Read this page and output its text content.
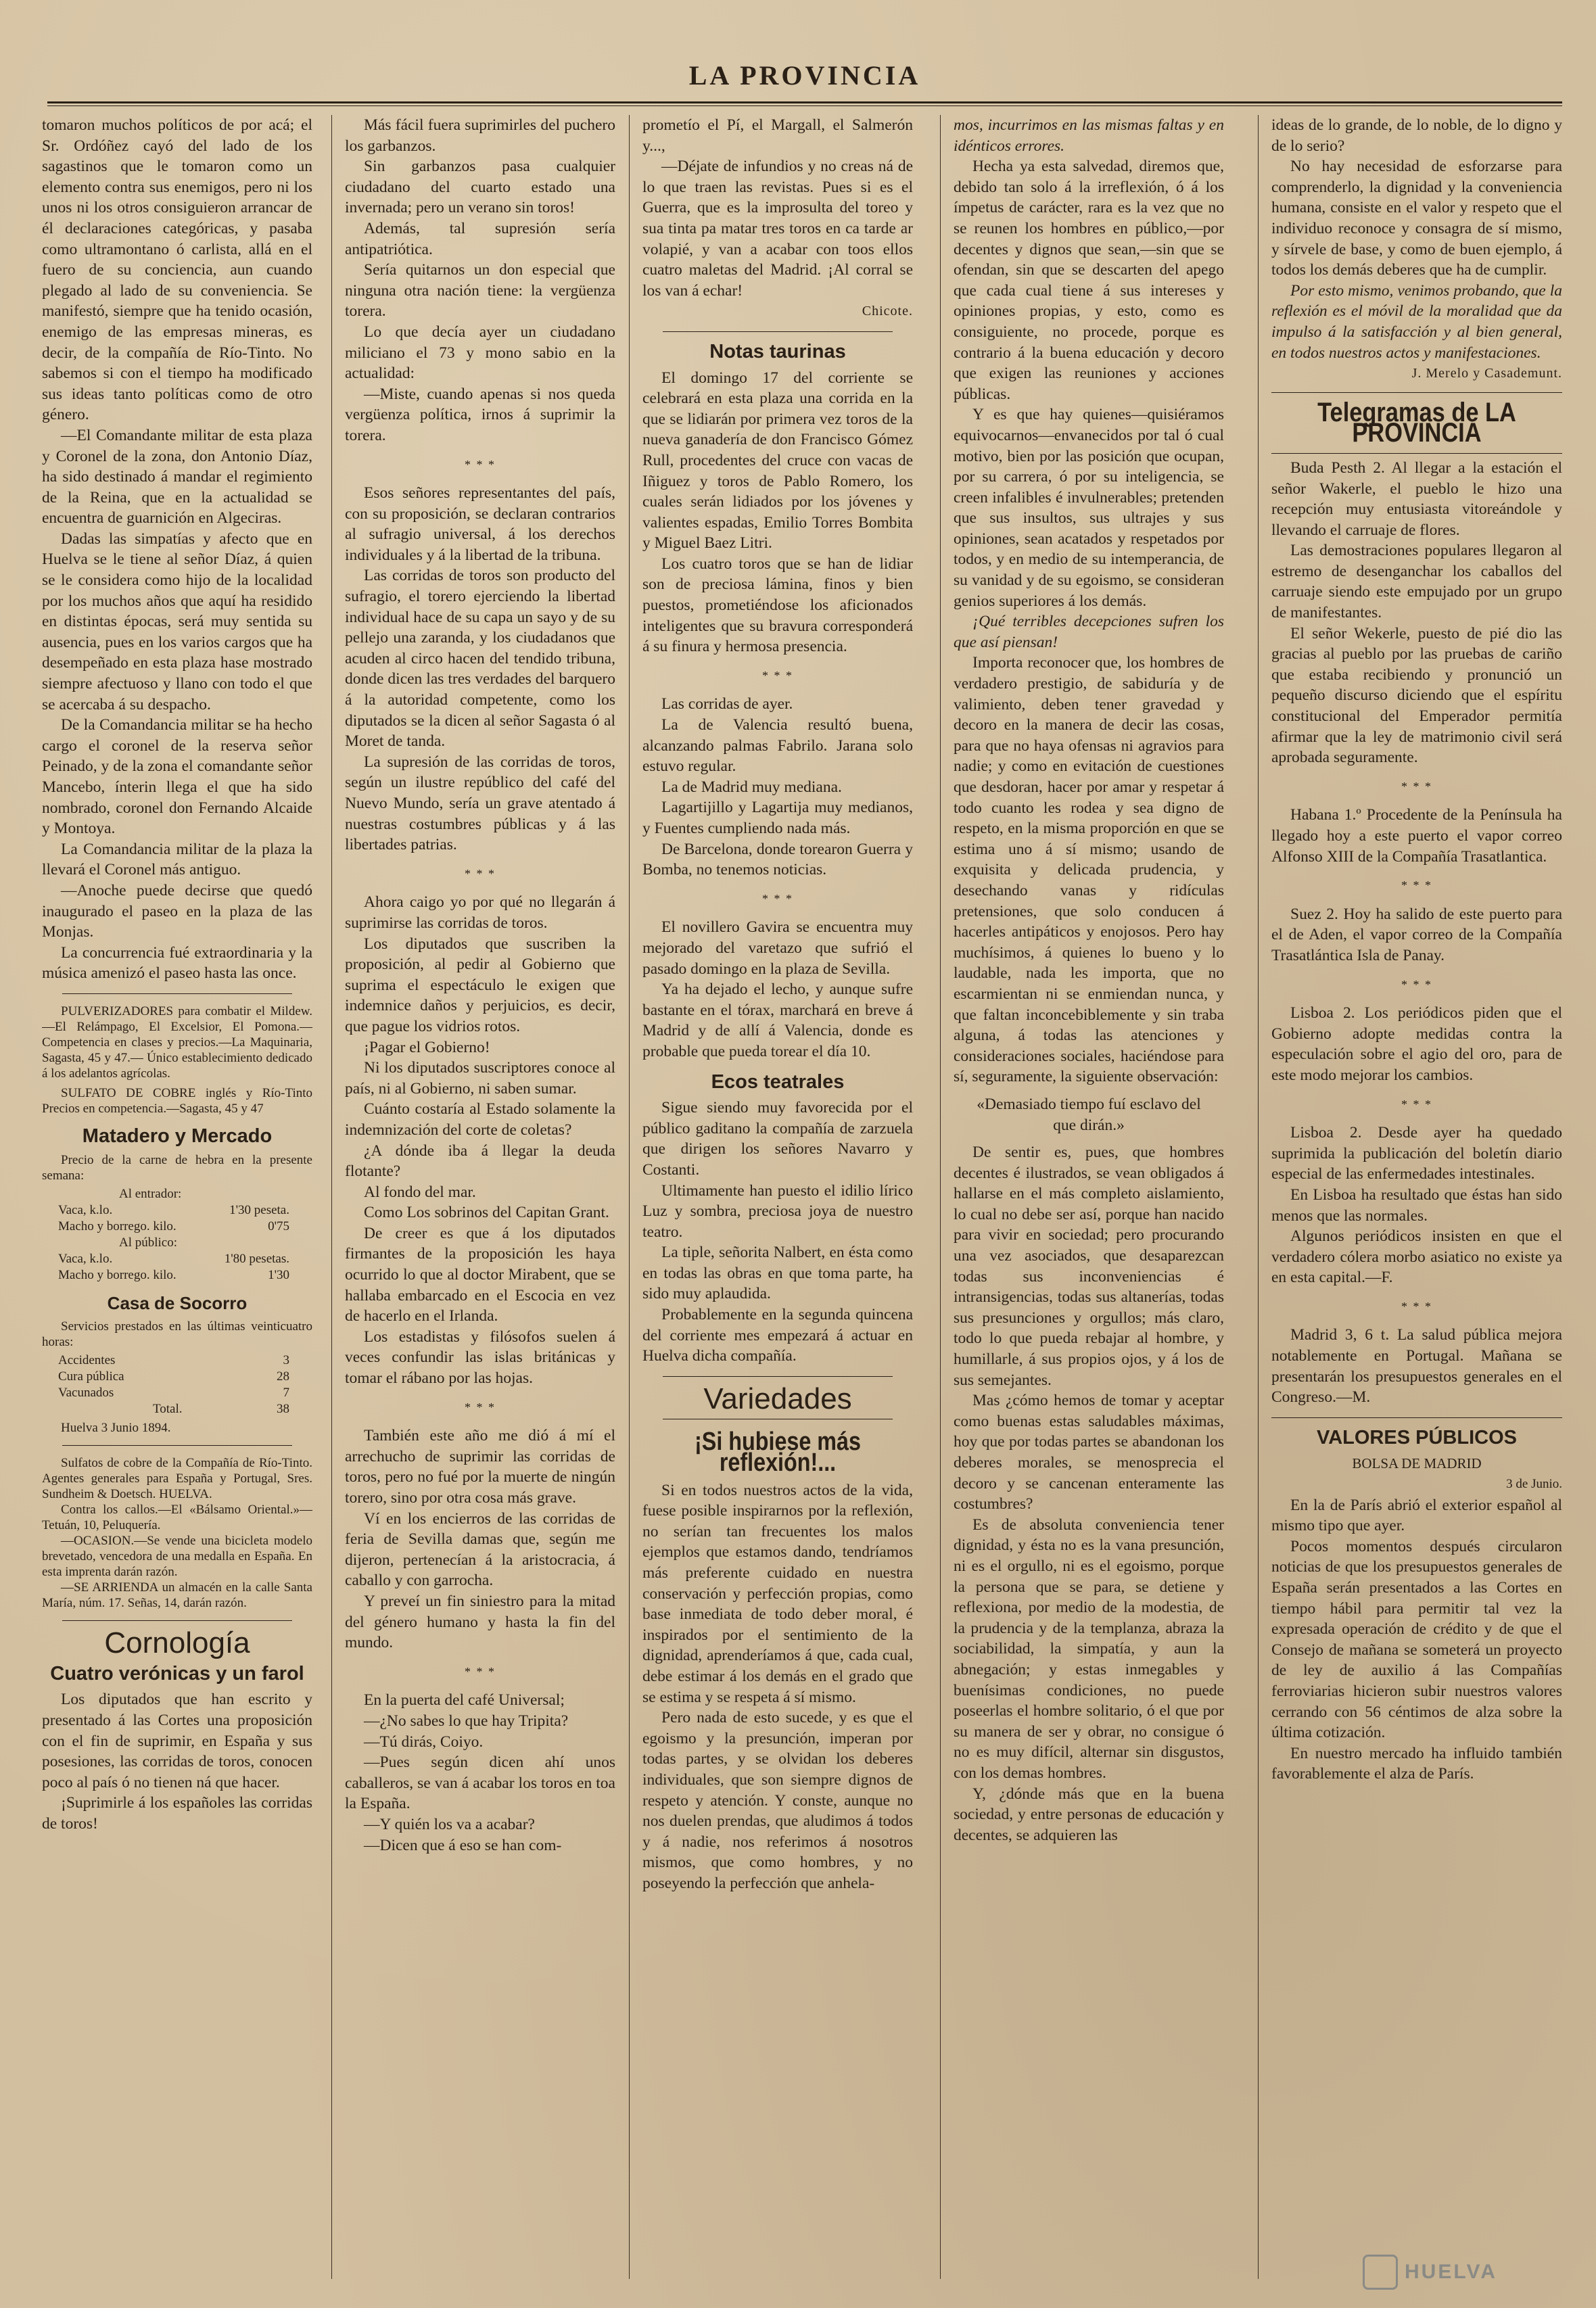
LA PROVINCIA

tomaron muchos políticos de por acá; el Sr. Ordóñez cayó del lado de los sagastinos que le tomaron como un elemento contra sus enemigos, pero ni los unos ni los otros consiguieron arrancar de él declaraciones categóricas, y pasaba como ultramontano ó carlista, allá en el fuero de su conciencia, aun cuando plegado al lado de su conveniencia. Se manifestó, siempre que ha tenido ocasión, enemigo de las empresas mineras, es decir, de la compañía de Río-Tinto. No sabemos si con el tiempo ha modificado sus ideas tanto políticas como de otro género.

—El Comandante militar de esta plaza y Coronel de la zona, don Antonio Díaz, ha sido destinado á mandar el regimiento de la Reina, que en la actualidad se encuentra de guarnición en Algeciras.

Dadas las simpatías y afecto que en Huelva se le tiene al señor Díaz, á quien se le considera como hijo de la localidad por los muchos años que aquí ha residido en distintas épocas, será muy sentida su ausencia, pues en los varios cargos que ha desempeñado en esta plaza hase mostrado siempre afectuoso y llano con todo el que se acercaba á su despacho.

De la Comandancia militar se ha hecho cargo el coronel de la reserva señor Peinado, y de la zona el comandante señor Mancebo, ínterin llega el que ha sido nombrado, coronel don Fernando Alcaide y Montoya.

La Comandancia militar de la plaza la llevará el Coronel más antiguo.

—Anoche puede decirse que quedó inaugurado el paseo en la plaza de las Monjas.

La concurrencia fué extraordinaria y la música amenizó el paseo hasta las once.

PULVERIZADORES para combatir el Mildew.—El Relámpago, El Excelsior, El Pomona.—Competencia en clases y precios.—La Maquinaria, Sagasta, 45 y 47.— Único establecimiento dedicado á los adelantos agrícolas.

SULFATO DE COBRE inglés y Río-Tinto Precios en competencia.—Sagasta, 45 y 47

Matadero y Mercado

Precio de la carne de hebra en la presente semana:

Al entrador:
Vaca, k.lo.	1'30 peseta.
Macho y borrego. kilo.	0'75
Al público:
Vaca, k.lo.	1'80 pesetas.
Macho y borrego. kilo.	1'30
Casa de Socorro

Servicios prestados en las últimas veinticuatro horas:

Accidentes	3
Cura pública	28
Vacunados	7
Total.	38

Huelva 3 Junio 1894.

Sulfatos de cobre de la Compañía de Río-Tinto. Agentes generales para España y Portugal, Sres. Sundheim & Doetsch. HUELVA.

Contra los callos.—El «Bálsamo Oriental.»—Tetuán, 10, Peluquería.

—OCASION.—Se vende una bicicleta modelo brevetado, vencedora de una medalla en España. En esta imprenta darán razón.

—SE ARRIENDA un almacén en la calle Santa María, núm. 17. Señas, 14, darán razón.

Cornología
Cuatro verónicas y un farol

Los diputados que han escrito y presentado á las Cortes una proposición con el fin de suprimir, en España y sus posesiones, las corridas de toros, conocen poco al país ó no tienen ná que hacer.

¡Suprimirle á los españoles las corridas de toros!

Más fácil fuera suprimirles del puchero los garbanzos.

Sin garbanzos pasa cualquier ciudadano del cuarto estado una invernada; pero un verano sin toros!

Además, tal supresión sería antipatriótica.

Sería quitarnos un don especial que ninguna otra nación tiene: la vergüenza torera.

Lo que decía ayer un ciudadano miliciano el 73 y mono sabio en la actualidad:

—Miste, cuando apenas si nos queda vergüenza política, irnos á suprimir la torera.

* * *

Esos señores representantes del país, con su proposición, se declaran contrarios al sufragio universal, á los derechos individuales y á la libertad de la tribuna.

Las corridas de toros son producto del sufragio, el torero ejerciendo la libertad individual hace de su capa un sayo y de su pellejo una zaranda, y los ciudadanos que acuden al circo hacen del tendido tribuna, donde dicen las tres verdades del barquero á la autoridad competente, como los diputados se la dicen al señor Sagasta ó al Moret de tanda.

La supresión de las corridas de toros, según un ilustre repúblico del café del Nuevo Mundo, sería un grave atentado á nuestras costumbres públicas y á las libertades patrias.

* * *

Ahora caigo yo por qué no llegarán á suprimirse las corridas de toros.

Los diputados que suscriben la proposición, al pedir al Gobierno que suprima el espectáculo le exigen que indemnice daños y perjuicios, es decir, que pague los vidrios rotos.

¡Pagar el Gobierno!

Ni los diputados suscriptores conoce al país, ni al Gobierno, ni saben sumar.

Cuánto costaría al Estado solamente la indemnización del corte de coletas?

¿A dónde iba á llegar la deuda flotante?

Al fondo del mar.

Como Los sobrinos del Capitan Grant.

De creer es que á los diputados firmantes de la proposición les haya ocurrido lo que al doctor Mirabent, que se hallaba embarcado en el Escocia en vez de hacerlo en el Irlanda.

Los estadistas y filósofos suelen á veces confundir las islas británicas y tomar el rábano por las hojas.

* * *

También este año me dió á mí el arrechucho de suprimir las corridas de toros, pero no fué por la muerte de ningún torero, sino por otra cosa más grave.

Ví en los encierros de las corridas de feria de Sevilla damas que, según me dijeron, pertenecían á la aristocracia, á caballo y con garrocha.

Y preveí un fin siniestro para la mitad del género humano y hasta la fin del mundo.

* * *

En la puerta del café Universal;

—¿No sabes lo que hay Tripita?

—Tú dirás, Coiyo.

—Pues según dicen ahí unos caballeros, se van á acabar los toros en toa la España.

—Y quién los va a acabar?

—Dicen que á eso se han com-

prometío el Pí, el Margall, el Salmerón y...,

—Déjate de infundios y no creas ná de lo que traen las revistas. Pues si es el Guerra, que es la improsulta del toreo y sua tinta pa matar tres toros en ca tarde ar volapié, y van a acabar con toos ellos cuatro maletas del Madrid. ¡Al corral se los van á echar!

Chicote.

Notas taurinas

El domingo 17 del corriente se celebrará en esta plaza una corrida en la que se lidiarán por primera vez toros de la nueva ganadería de don Francisco Gómez Rull, procedentes del cruce con vacas de Iñiguez y toros de Pablo Romero, los cuales serán lidiados por los jóvenes y valientes espadas, Emilio Torres Bombita y Miguel Baez Litri.

Los cuatro toros que se han de lidiar son de preciosa lámina, finos y bien puestos, prometiéndose los aficionados inteligentes que su bravura corresponderá á su finura y hermosa presencia.

* * *

Las corridas de ayer.

La de Valencia resultó buena, alcanzando palmas Fabrilo. Jarana solo estuvo regular.

La de Madrid muy mediana.

Lagartijillo y Lagartija muy medianos, y Fuentes cumpliendo nada más.

De Barcelona, donde torearon Guerra y Bomba, no tenemos noticias.

* * *

El novillero Gavira se encuentra muy mejorado del varetazo que sufrió el pasado domingo en la plaza de Sevilla.

Ya ha dejado el lecho, y aunque sufre bastante en el tórax, marchará en breve á Madrid y de allí á Valencia, donde es probable que pueda torear el día 10.

Ecos teatrales

Sigue siendo muy favorecida por el público gaditano la compañía de zarzuela que dirigen los señores Navarro y Costanti.

Ultimamente han puesto el idilio lírico Luz y sombra, preciosa joya de nuestro teatro.

La tiple, señorita Nalbert, en ésta como en todas las obras en que toma parte, ha sido muy aplaudida.

Probablemente en la segunda quincena del corriente mes empezará á actuar en Huelva dicha compañía.

Variedades
¡Si hubiese más reflexión!...

Si en todos nuestros actos de la vida, fuese posible inspirarnos por la reflexión, no serían tan frecuentes los malos ejemplos que estamos dando, tendríamos más preferente cuidado en nuestra conservación y perfección propias, como base inmediata de todo deber moral, é inspirados por el sentimiento de la dignidad, aprenderíamos á que, cada cual, debe estimar á los demás en el grado que se estima y se respeta á sí mismo.

Pero nada de esto sucede, y es que el egoismo y la presunción, imperan por todas partes, y se olvidan los deberes individuales, que son siempre dignos de respeto y atención. Y conste, aunque no nos duelen prendas, que aludimos á todos y á nadie, nos referimos á nosotros mismos, que como hombres, y no poseyendo la perfección que anhela-

mos, incurrimos en las mismas faltas y en idénticos errores.

Hecha ya esta salvedad, diremos que, debido tan solo á la irreflexión, ó á los ímpetus de carácter, rara es la vez que no se reunen los hombres en público,—por decentes y dignos que sean,—sin que se ofendan, sin que se descarten del apego que cada cual tiene á sus intereses y opiniones propias, y esto, como es consiguiente, no procede, porque es contrario á la buena educación y decoro que exigen las reuniones y acciones públicas.

Y es que hay quienes—quisiéramos equivocarnos—envanecidos por tal ó cual motivo, bien por las posición que ocupan, por su carrera, ó por su inteligencia, se creen infalibles é invulnerables; pretenden que sus insultos, sus ultrajes y sus opiniones, sean acatados y respetados por todos, y en medio de su intemperancia, de su vanidad y de su egoismo, se consideran genios superiores á los demás.

¡Qué terribles decepciones sufren los que así piensan!

Importa reconocer que, los hombres de verdadero prestigio, de sabiduría y de valimiento, deben tener gravedad y decoro en la manera de decir las cosas, para que no haya ofensas ni agravios para nadie; y como en evitación de cuestiones que desdoran, hacer por amar y respetar á todo cuanto les rodea y sea digno de respeto, en la misma proporción en que se estima uno á sí mismo; usando de exquisita y delicada prudencia, y desechando vanas y ridículas pretensiones, que solo conducen á hacerles antipáticos y enojosos. Pero hay muchísimos, á quienes lo bueno y lo laudable, nada les importa, que no escarmientan ni se enmiendan nunca, y que faltan inconcebiblemente y sin traba alguna, á todas las atenciones y consideraciones sociales, haciéndose para sí, seguramente, la siguiente observación:

«Demasiado tiempo fuí esclavo del que dirán.»

De sentir es, pues, que hombres decentes é ilustrados, se vean obligados á hallarse en el más completo aislamiento, lo cual no debe ser así, porque han nacido para vivir en sociedad; pero procurando una vez asociados, que desaparezcan todas sus inconveniencias é intransigencias, todas sus altanerías, todas sus presunciones y orgullos; más claro, todo lo que pueda rebajar al hombre, y humillarle, á sus propios ojos, y á los de sus semejantes.

Mas ¿cómo hemos de tomar y aceptar como buenas estas saludables máximas, hoy que por todas partes se abandonan los deberes morales, se menosprecia el decoro y se cancenan enteramente las costumbres?

Es de absoluta conveniencia tener dignidad, y ésta no es la vana presunción, ni es el orgullo, ni es el egoismo, porque la persona que se para, se detiene y reflexiona, por medio de la modestia, de la prudencia y de la templanza, abraza la sociabilidad, la simpatía, y aun la abnegación; y estas inmegables y buenísimas condiciones, no puede poseerlas el hombre solitario, ó el que por su manera de ser y obrar, no consigue ó no es muy difícil, alternar sin disgustos, con los demas hombres.

Y, ¿dónde más que en la buena sociedad, y entre personas de educación y decentes, se adquieren las

ideas de lo grande, de lo noble, de lo digno y de lo serio?

No hay necesidad de esforzarse para comprenderlo, la dignidad y la conveniencia humana, consiste en el valor y respeto que el individuo reconoce y consagra de sí mismo, y sírvele de base, y como de buen ejemplo, á todos los demás deberes que ha de cumplir.

Por esto mismo, venimos probando, que la reflexión es el móvil de la moralidad que da impulso á la satisfacción y al bien general, en todos nuestros actos y manifestaciones.

J. Merelo y Casademunt.

Telegramas de LA PROVINCIA

Buda Pesth 2. Al llegar a la estación el señor Wakerle, el pueblo le hizo una recepción muy entusiasta vitoreándole y llevando el carruaje de flores.

Las demostraciones populares llegaron al estremo de desenganchar los caballos del carruaje siendo este empujado por un grupo de manifestantes.

El señor Wekerle, puesto de pié dio las gracias al pueblo por las pruebas de cariño que estaba recibiendo y pronunció un pequeño discurso diciendo que el espíritu constitucional del Emperador permitía afirmar que la ley de matrimonio civil será aprobada seguramente.

* * *

Habana 1.º Procedente de la Península ha llegado hoy a este puerto el vapor correo Alfonso XIII de la Compañía Trasatlantica.

* * *

Suez 2. Hoy ha salido de este puerto para el de Aden, el vapor correo de la Compañía Trasatlántica Isla de Panay.

* * *

Lisboa 2. Los periódicos piden que el Gobierno adopte medidas contra la especulación sobre el agio del oro, para de este modo mejorar los cambios.

* * *

Lisboa 2. Desde ayer ha quedado suprimida la publicación del boletín diario especial de las enfermedades intestinales.

En Lisboa ha resultado que éstas han sido menos que las normales.

Algunos periódicos insisten en que el verdadero cólera morbo asiatico no existe ya en esta capital.—F.

* * *

Madrid 3, 6 t. La salud pública mejora notablemente en Portugal. Mañana se presentarán los presupuestos generales en el Congreso.—M.

VALORES PÚBLICOS
BOLSA DE MADRID
3 de Junio.

En la de París abrió el exterior español al mismo tipo que ayer.

Pocos momentos después circularon noticias de que los presupuestos generales de España serán presentados a las Cortes en tiempo hábil para permitir tal vez la expresada operación de crédito y de que el Consejo de mañana se someterá un proyecto de ley de auxilio á las Compañías ferroviarias hicieron subir nuestros valores cerrando con 56 céntimos de alza sobre la última cotización.

En nuestro mercado ha influido también favorablemente el alza de París.

HUELVA
